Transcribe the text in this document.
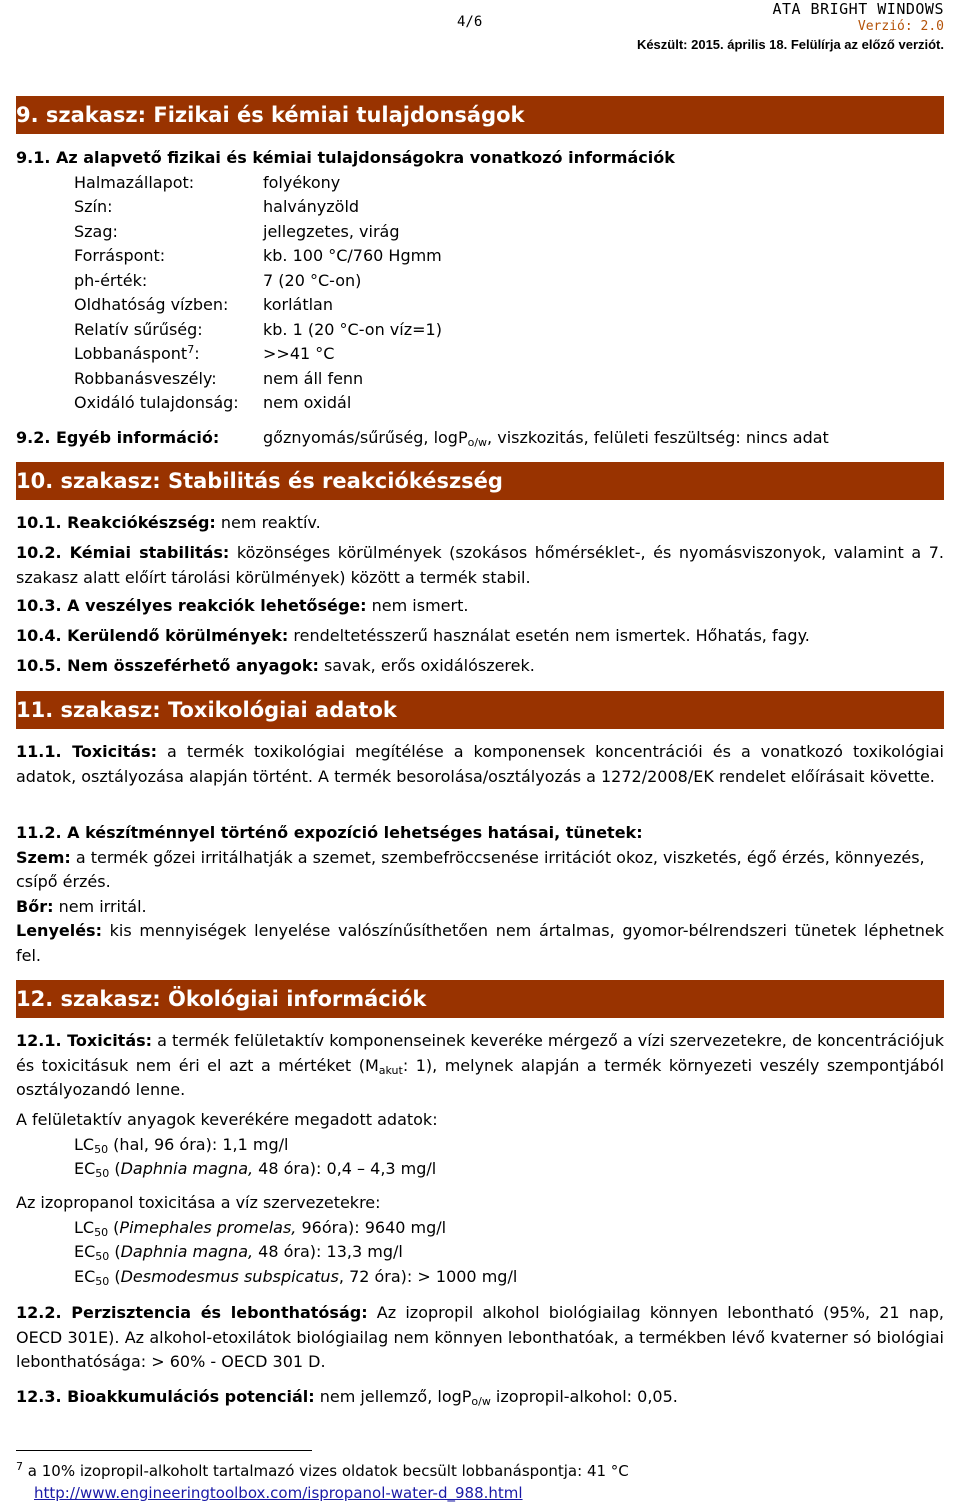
4/6
ATA BRIGHT WINDOWS
Verzió: 2.0
Készült: 2015. április 18. Felülírja az előző verziót.
9. szakasz: Fizikai és kémiai tulajdonságok
9.1. Az alapvető fizikai és kémiai tulajdonságokra vonatkozó információk
Halmazállapot:	folyékony
Szín:	halványzöld
Szag:	jellegzetes, virág
Forráspont:	kb. 100 °C/760 Hgmm
ph-érték:	7 (20 °C-on)
Oldhatóság vízben: korlátlan
Relatív sűrűség:	kb. 1 (20 °C-on víz=1)
Lobbanáspont$^7$:	>>41 °C
Robbanásveszély:	nem áll fenn
Oxidáló tulajdonság: nem oxidál
9.2. Egyéb információ:	gőznyomás/sűrűség, logP$_{o/w}$, viszkozitás, felületi feszültség: nincs adat
10. szakasz: Stabilitás és reakciókészség
10.1. Reakciókészség: nem reaktív.
10.2. Kémiai stabilitás: közönséges körülmények (szokásos hőmérséklet-, és nyomásviszonyok, valamint a 7. szakasz alatt előírt tárolási körülmények) között a termék stabil.
10.3. A veszélyes reakciók lehetősége: nem ismert.
10.4. Kerülendő körülmények: rendeltetésszerű használat esetén nem ismertek. Hőhatás, fagy.
10.5. Nem összeférhető anyagok: savak, erős oxidálószerek.
11. szakasz: Toxikológiai adatok
11.1. Toxicitás: a termék toxikológiai megítélése a komponensek koncentrációi és a vonatkozó toxikológiai adatok, osztályozása alapján történt. A termék besorolása/osztályozás a 1272/2008/EK rendelet előírásait követte.
11.2. A készítménnyel történő expozíció lehetséges hatásai, tünetek:
Szem: a termék gőzei irritálhatják a szemet, szembefröccsenése irritációt okoz, viszketés, égő érzés, könnyezés, csípő érzés.
Bőr: nem irritál.
Lenyelés: kis mennyiségek lenyelése valószínűsíthetően nem ártalmas, gyomor-bélrendszeri tünetek léphetnek fel.
12. szakasz: Ökológiai információk
12.1. Toxicitás: a termék felületaktív komponenseinek keveréke mérgező a vízi szervezetekre, de koncentrációjuk és toxicitásuk nem éri el azt a mértéket ($M_{akut}$: 1), melynek alapján a termék környezeti veszély szempontjából osztályozandó lenne.
A felületaktív anyagok keverékére megadott adatok:
$LC_{50}$ (hal, 96 óra): 1,1 mg/l
$EC_{50}$ (Daphnia magna, 48 óra): 0,4 – 4,3 mg/l
Az izopropanol toxicitása a víz szervezetekre:
$LC_{50}$ (Pimephales promelas, 96óra): 9640 mg/l
$EC_{50}$ (Daphnia magna, 48 óra): 13,3 mg/l
$EC_{50}$ (Desmodesmus subspicatus, 72 óra): > 1000 mg/l
12.2. Perzisztencia és lebonthatóság: Az izopropil alkohol biológiailag könnyen lebontható (95%, 21 nap, OECD 301E). Az alkohol-etoxilátok biológiailag nem könnyen lebonthatóak, a termékben lévő kvaterner só biológiai lebonthatósága: > 60% - OECD 301 D.
12.3. Bioakkumulációs potenciál: nem jellemző, logP$_{o/w}$ izopropil-alkohol: 0,05.
$^7$ a 10% izopropil-alkoholt tartalmazó vizes oldatok becsült lobbanáspontja: 41 °C
http://www.engineeringtoolbox.com/ispropanol-water-d_988.html
